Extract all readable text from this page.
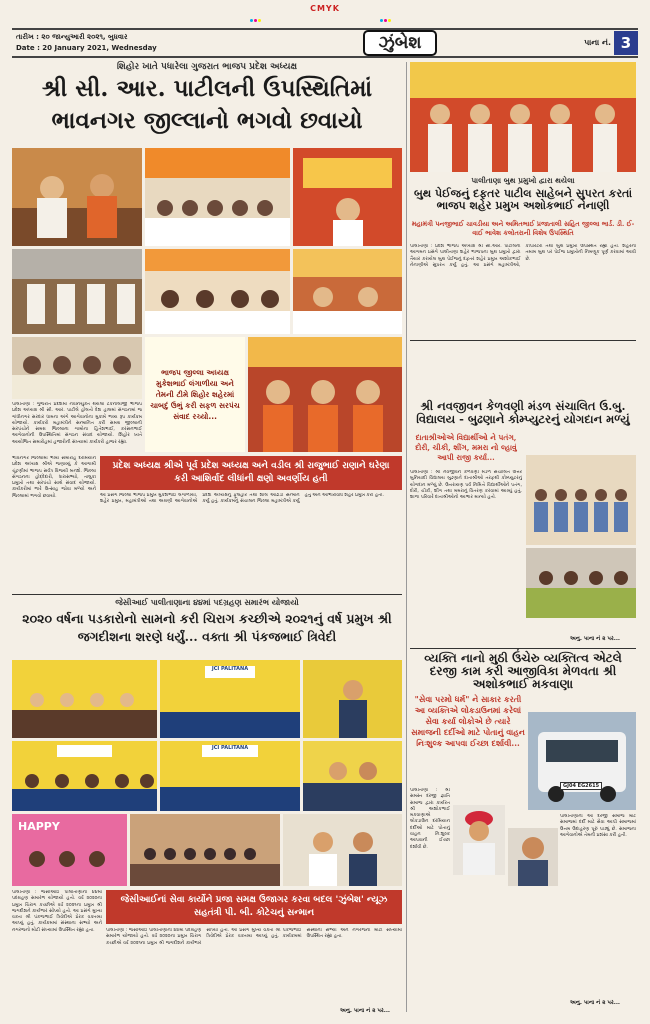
CMYK
તારીખ : ૨૦ જાન્યુઆરી ૨૦૨૧, બુધવાર
Date : 20 January 2021, Wednesday	ઝુંબેશ	પાના નં. 3
શિહોર ખાતે પધારેલા ગુજરાત ભાજપ પ્રદેશ અધ્યક્ષ
શ્રી સી. આર. પાટીલની ઉપસ્થિતિમાં
ભાવનગર જીલ્લાનો ભગવો છવાયો
ભાજપ જીલ્લા અધ્યક્ષ મુકેશભાઈ લંગાળીયા અને તેમની ટીમે શિહોર શહેરમાં ચાબદું ઉભું કરી સફળ સરપંચ સંવાદ રચ્યો...
પાલીતાણા : ગુજરાત પ્રદેશમાં નવનિયુક્ત થયેલા ટેકનોલોજી ભાજપ પ્રદેશ અધ્યક્ષ શ્રી સી. આર. પાટીલે હોલતો દેશ હાલમાં સંગઠનમાં જ ગાંધીનગર સરદાર ધામના અંગે આગેવાનોના મુકામે ભવ્ય રૂપ કાર્યક્રમ યોજાયો. કાર્યકરો મહામંત્રીને સન્માનિત કરી સમગ્ર જીલ્લાની સરપંચોને સમગ્ર જિલ્લાના ગામોના હિતેશભાઈ, કરસનભાઈ આગેવાનોની ઉપસ્થિતિમાં સંગઠન સંવાદ યોજાયો. શિહોર ખાતે આયોજિત સમારોહમાં હજારોની સંખ્યામાં કાર્યકરો હાજર રહ્યા.
પ્રદેશ અધ્યક્ષ શ્રીએ પૂર્વ પ્રદેશ અધ્યક્ષ અને વડીલ શ્રી રાજુભાઈ રાણાને ઘરેણા કરી આશિર્વાદ લીધાંની ક્ષણો અવર્ણીય હતી
ભાવનગર જિલ્લામાં ભવ્ય સમારોહ દરમિયાન પ્રદેશ અધ્યક્ષ શ્રીએ જણાવ્યું કે આગામી ચૂંટણીમાં ભાજપ સર્વત્ર વિજયી બનશે. જિલ્લા સંગઠનના હોદ્દેદારો, ધારાસભ્યો, તાલુકા પ્રમુખો તથા સરપંચો સાથે સંવાદ યોજાયો. કાર્યકરોમાં ભારે ઉત્સાહ જોવા મળ્યો અને જિલ્લામાં ભગવો છવાયો.	આ પ્રસંગે જિલ્લા ભાજપ પ્રમુખ મુકેશભાઈ લંગાળીયા, શહેર પ્રમુખ, મહામંત્રીઓ તથા અગ્રણી આગેવાનોએ પ્રદેશ અધ્યક્ષનું ફૂલહાર તથા શાલ ઓઢાડી સન્માન કર્યું હતું. કાર્યક્રમનું સંચાલન જિલ્લા મહામંત્રીએ કર્યું હતું અને આભારવિધિ શહેર પ્રમુખે કરી હતી.
પાલીતાણા બુથ પ્રમુખો દ્વારા થયેલા
બુથ પેઈજનું દફતર પાટીલ સાહેબને સુપરત કરતાં ભાજપ શહેર પ્રમુખ અશોકભાઈ નેનાણી
મહામંત્રી પનજીભાઈ ચાવડીયા અને અમિતભાઈ પ્રજાતાલી સહિત જીલ્લા ભાર્ડ. ડી. ઈ-વાઈ ભાવેશ કલોતરાની વિશેષ ઉપસ્થિતિ
પાલીતાણા : પ્રદેશ ભાજપ અધ્યક્ષ શ્રી સી.આર. પાટીલના આગમન પ્રસંગે પાલીતાણા શહેર ભાજપના બુથ પ્રમુખો દ્વારા તૈયાર કરાયેલ બુથ પેઈજનું દફતર શહેર પ્રમુખ અશોકભાઈ નેનાણીએ સુપરત કર્યું હતું. આ પ્રસંગે મહામંત્રીઓ, કોર્પોરેટરો તથા બુથ પ્રમુખો ઉપસ્થિત રહ્યા હતા. શહેરના તમામ બુથ પર પેઈજ પ્રમુખોની નિમણૂક પૂર્ણ કરવામાં આવી છે.
શ્રી નવજીવન કેળવણી મંડળ સંચાલિત ઉ.બુ. વિદ્યાલય - બુઢણાને કોમ્પ્યુટરનું યોગદાન મળ્યું
દાતાશ્રીઓએ વિદ્યાર્થીઓ ને પતંગ, દોરી, ચીકી, શીંગ, મમરા નો લ્હાવું આપી રાજી કર્યા...
પાલીતાણા : શ્રી નવજીવન કેળવણી મંડળ સંચાલિત ઉત્તર બુનિયાદી વિદ્યાલય બુઢણાને દાતાશ્રીઓ તરફથી કોમ્પ્યુટરનું યોગદાન મળ્યું છે. ઉત્તરાયણ પર્વ નિમિત્તે વિદ્યાર્થીઓને પતંગ, દોરી, ચીકી, શીંગ તથા મમરાનું વિતરણ કરવામાં આવ્યું હતું. શાળા પરિવારે દાતાશ્રીઓનો આભાર માન્યો હતો.
અનુ. પાના નં ૨ પર...
વ્યક્તિ નાનો મુઠી ઉંચેરુ વ્યક્તિત્વ એટલે દરજી કામ કરી આજીવિકા મેળવતા શ્રી અશોકભાઈ મકવાણા
"સેવા પરમો ધર્મ" ને સાકાર કરતી આ વ્યક્તિએ લોકડાઉનમાં કરેલાં સેવા કર્યા લોકોએ છે ત્યારે સમાજની દર્દીઓ માટે પોતાનું વાહન નિઃશુલ્ક આપવા ઈચ્છા દર્શાવી...
GJ04 EG2615
પાલીતાણા : શ્રી સમસ્ત દરજી જ્ઞાતિ સમાજ દ્વારા કાર્યરત શ્રી અશોકભાઈ મકવાણાએ લોકડાઉન દરમિયાન દર્દીઓ માટે પોતાનું વાહન નિઃશુલ્ક આપવાની ઈચ્છા દર્શાવી છે.
પાલીતાણાના આ દરજી સમાજ માટે સમાજમાં દર્દી માટે સેવા આપી સમાજમાં ઉત્તમ ઉદાહરણ પૂરું પાડ્યું છે. સમાજના આગેવાનોએ તેમની પ્રશંસા કરી હતી.
અનુ. પાના નં ૨ પર...
જેસીઆઈ પાલીતાણાના ૪૪માં પદગ્રહણ સમારંભ યોજાયો
૨૦૨૦ વર્ષના પડકારોનો સામનો કરી ચિરાગ કચ્છીએ ૨૦૨૧નું વર્ષ પ્રમુખ શ્રી જગદીશના શરણે ધર્યું... વક્તા શ્રી પંકજભાઈ ત્રિવેદી
JCI PALITANA
JCI PALITANA
HAPPY
પાલીતાણા : જેસીઆઈ પાલીતાણાનો ૪૪મો પદગ્રહણ સમારંભ યોજાયો હતો. વર્ષ ૨૦૨૦ના પ્રમુખ ચિરાગ કચ્છીએ વર્ષ ૨૦૨૧ના પ્રમુખ શ્રી જગદીશને કાર્યભાર સોંપ્યો હતો. આ પ્રસંગે મુખ્ય વક્તા શ્રી પંકજભાઈ ત્રિવેદીએ પ્રેરક વક્તવ્ય આપ્યું હતું. કાર્યક્રમમાં સંસ્થાના સભ્યો અને નગરજનો મોટી સંખ્યામાં ઉપસ્થિત રહ્યા હતા.
જેસીઆઈનાં સેવા કાર્યોને પ્રજા સમક્ષ ઉજાગર કરવા બદલ 'ઝુંબેશ' ન્યૂઝ સહતંત્રી પી. બી. કોટેચનું સન્માન
પાલીતાણા : જેસીઆઈ પાલીતાણાનો ૪૪મો પદગ્રહણ સમારંભ યોજાયો હતો. વર્ષ ૨૦૨૦ના પ્રમુખ ચિરાગ કચ્છીએ વર્ષ ૨૦૨૧ના પ્રમુખ શ્રી જગદીશને કાર્યભાર સોંપ્યો હતો. આ પ્રસંગે મુખ્ય વક્તા શ્રી પંકજભાઈ ત્રિવેદીએ પ્રેરક વક્તવ્ય આપ્યું હતું. કાર્યક્રમમાં સંસ્થાના સભ્યો અને નગરજનો મોટી સંખ્યામાં ઉપસ્થિત રહ્યા હતા.
અનુ. પાના નં ૨ પર...
